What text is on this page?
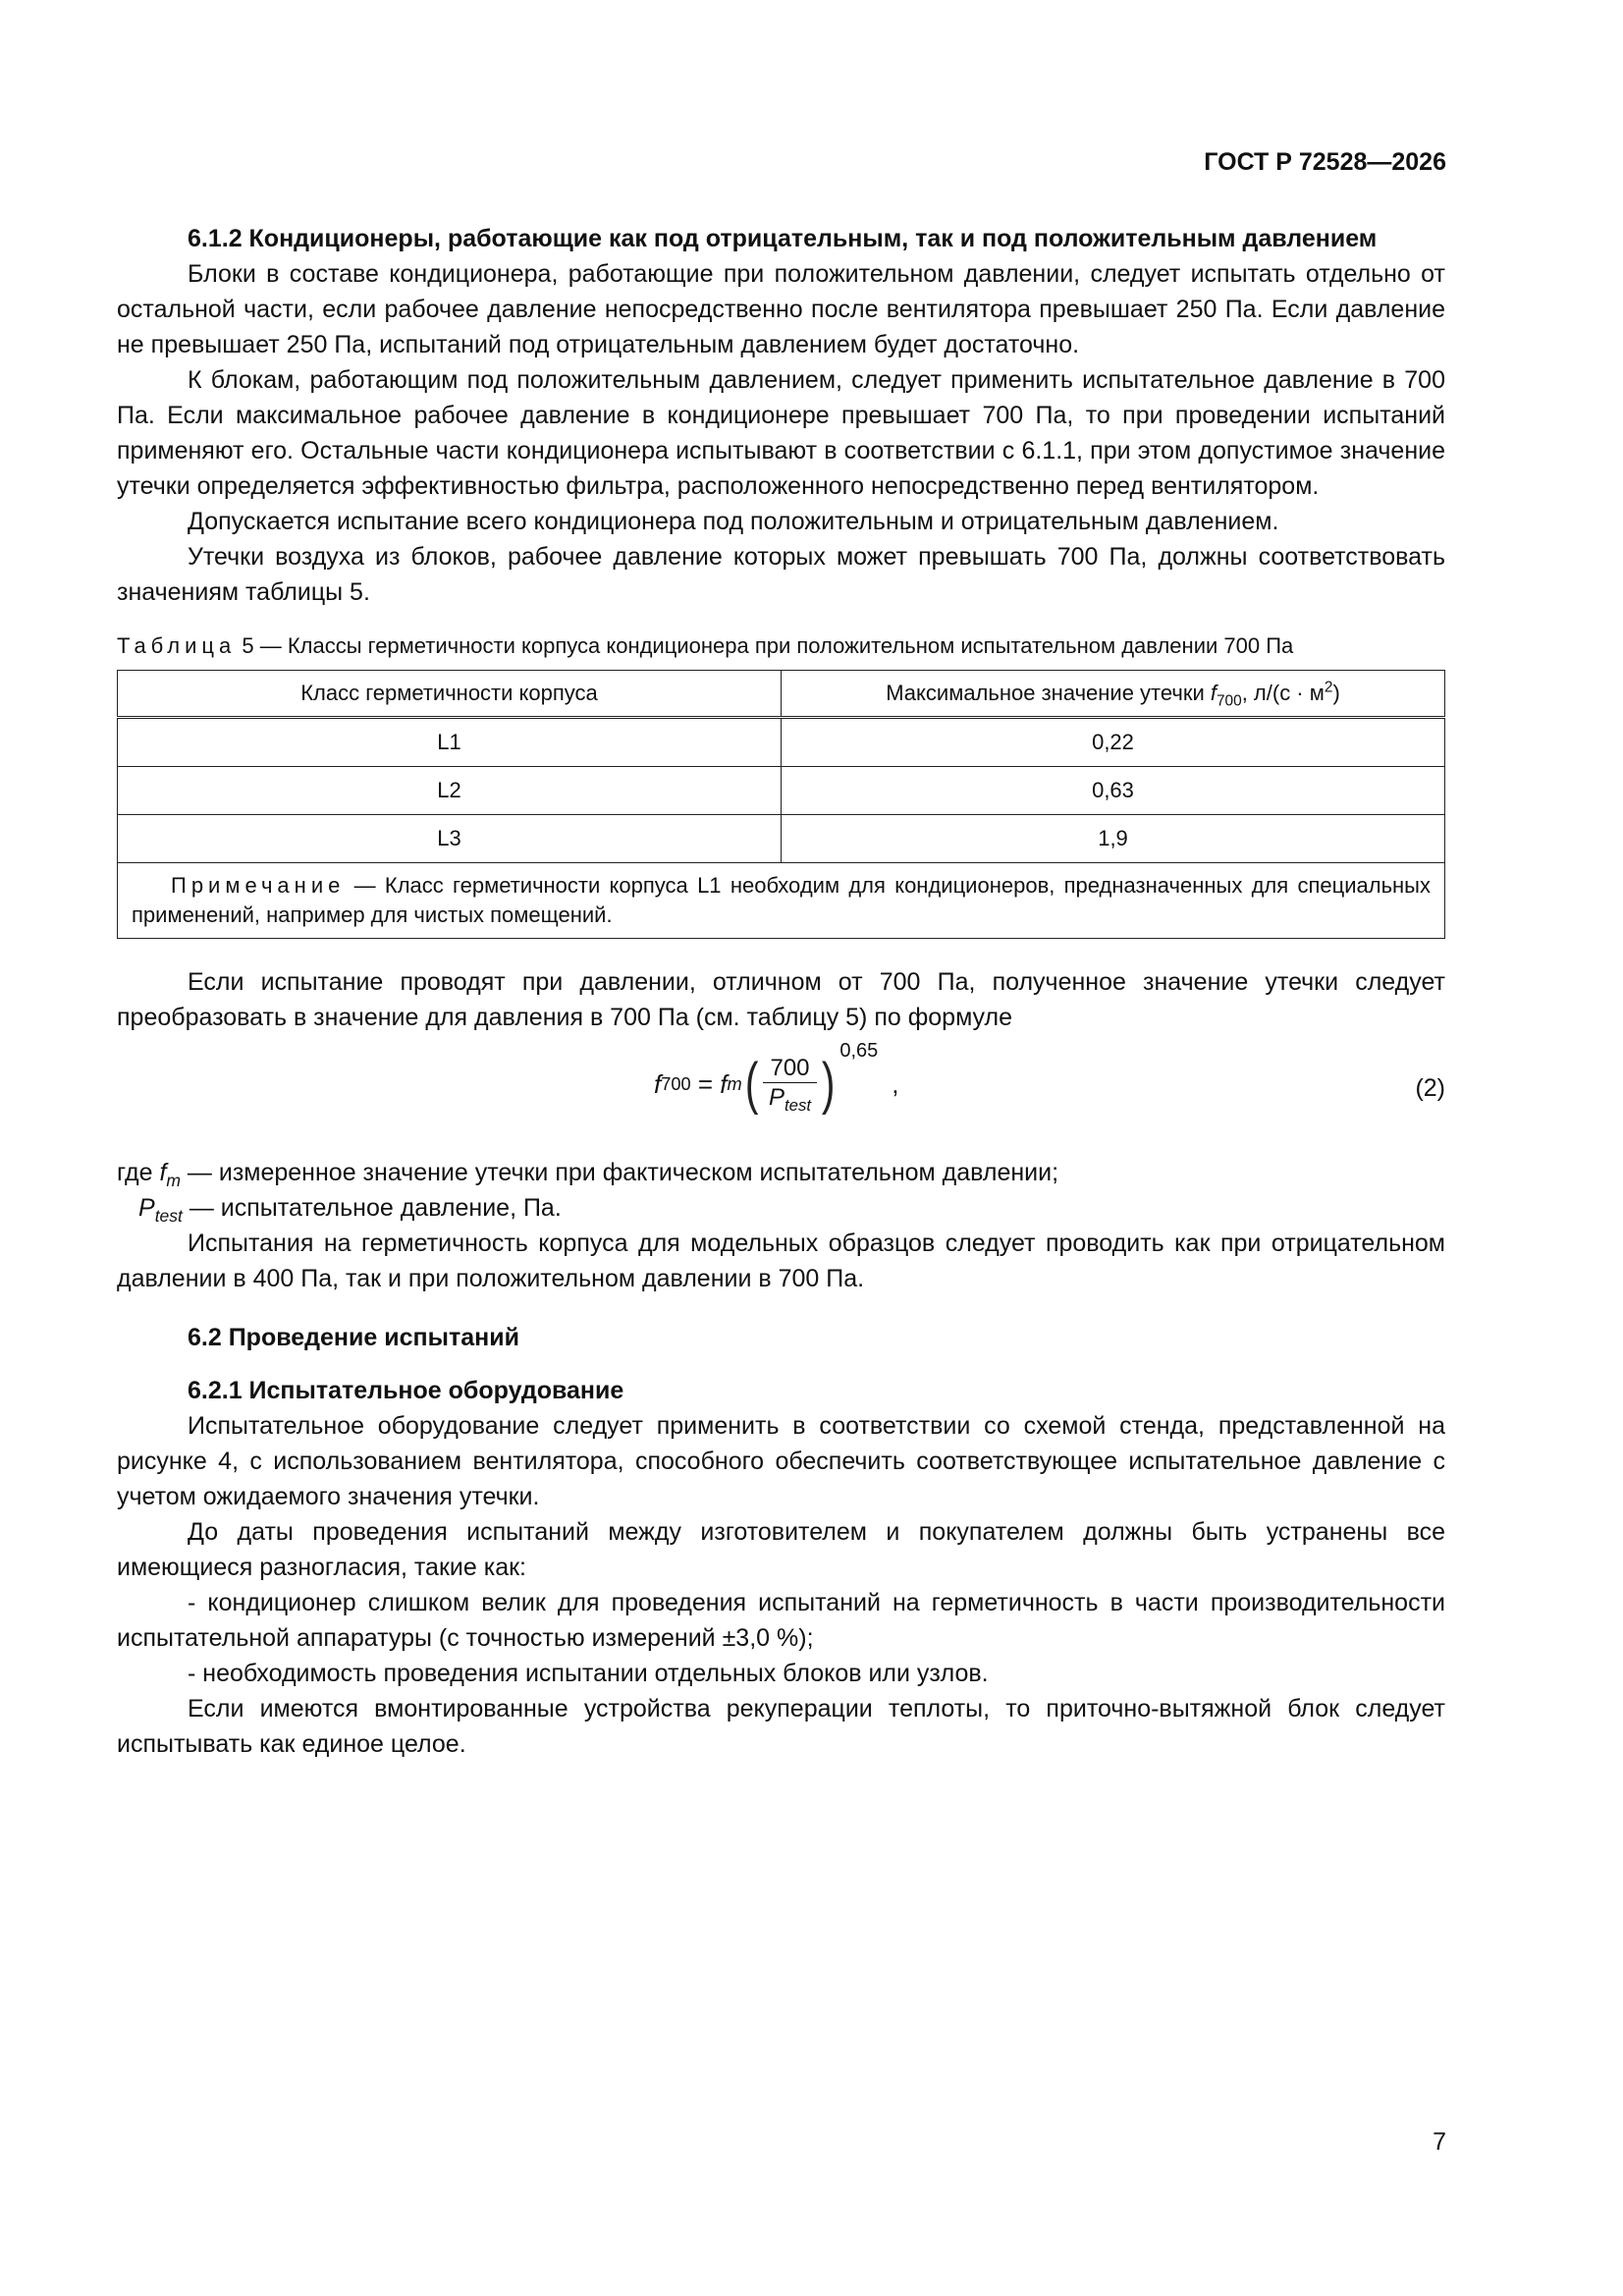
ГОСТ Р 72528—2026

6.1.2 Кондиционеры, работающие как под отрицательным, так и под положительным давлением

Блоки в составе кондиционера, работающие при положительном давлении, следует испытать отдельно от остальной части, если рабочее давление непосредственно после вентилятора превышает 250 Па. Если давление не превышает 250 Па, испытаний под отрицательным давлением будет достаточно.

К блокам, работающим под положительным давлением, следует применить испытательное давление в 700 Па. Если максимальное рабочее давление в кондиционере превышает 700 Па, то при проведении испытаний применяют его. Остальные части кондиционера испытывают в соответствии с 6.1.1, при этом допустимое значение утечки определяется эффективностью фильтра, расположенного непосредственно перед вентилятором.

Допускается испытание всего кондиционера под положительным и отрицательным давлением.

Утечки воздуха из блоков, рабочее давление которых может превышать 700 Па, должны соответствовать значениям таблицы 5.

Таблица 5 — Классы герметичности корпуса кондиционера при положительном испытательном давлении 700 Па

Класс герметичности корпуса	Максимальное значение утечки $f_{700}$, $л/(с \cdot м^2)$
L1	0,22
L2	0,63
L3	1,9
Примечание — Класс герметичности корпуса L1 необходим для кондиционеров, предназначенных для специальных применений, например для чистых помещений.	

Если испытание проводят при давлении, отличном от 700 Па, полученное значение утечки следует преобразовать в значение для давления в 700 Па (см. таблицу 5) по формуле

f 700 = f m ( $\frac{700}{P_{test}}$ )
0,65
,	(2)
где $f_m$ — измеренное значение утечки при фактическом испытательном давлении;
$P_{test}$ — испытательное давление, Па.

Испытания на герметичность корпуса для модельных образцов следует проводить как при отрицательном давлении в 400 Па, так и при положительном давлении в 700 Па.

6.2 Проведение испытаний

6.2.1 Испытательное оборудование

Испытательное оборудование следует применить в соответствии со схемой стенда, представленной на рисунке 4, с использованием вентилятора, способного обеспечить соответствующее испытательное давление с учетом ожидаемого значения утечки.

До даты проведения испытаний между изготовителем и покупателем должны быть устранены все имеющиеся разногласия, такие как:

- кондиционер слишком велик для проведения испытаний на герметичность в части производительности испытательной аппаратуры (с точностью измерений ±3,0 %);

- необходимость проведения испытании отдельных блоков или узлов.

Если имеются вмонтированные устройства рекуперации теплоты, то приточно-вытяжной блок следует испытывать как единое целое.

7
